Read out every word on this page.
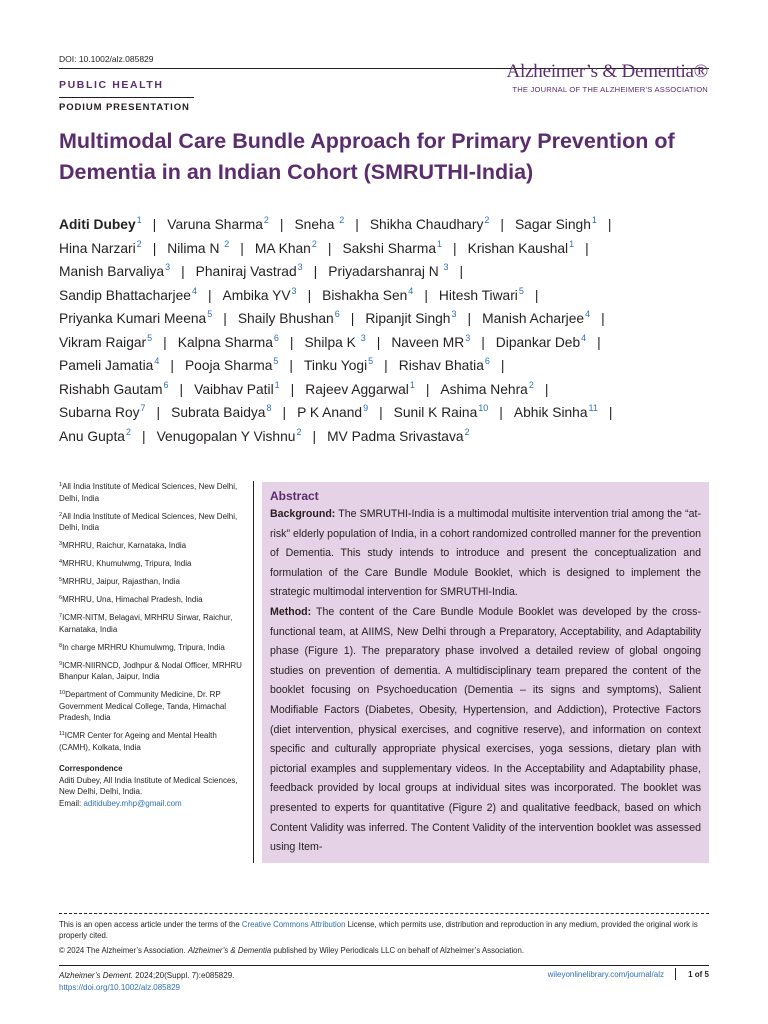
DOI: 10.1002/alz.085829
PUBLIC HEALTH
PODIUM PRESENTATION
Alzheimer’s & Dementia®
THE JOURNAL OF THE ALZHEIMER’S ASSOCIATION
Multimodal Care Bundle Approach for Primary Prevention of Dementia in an Indian Cohort (SMRUTHI-India)
Aditi Dubey$^1$ | Varuna Sharma$^2$ | Sneha $^2$ | Shikha Chaudhary$^2$ | Sagar Singh$^1$ |
Hina Narzari$^2$ | Nilima N $^2$ | MA Khan$^2$ | Sakshi Sharma$^1$ | Krishan Kaushal$^1$ |
Manish Barvaliya$^3$ | Phaniraj Vastrad$^3$ | Priyadarshanraj N $^3$ |
Sandip Bhattacharjee$^4$ | Ambika $YV^3$ | Bishakha Sen$^4$ | Hitesh Tiwari$^5$ |
Priyanka Kumari Meena$^5$ | Shaily Bhushan$^6$ | Ripanjit Singh$^3$ | Manish Acharjee$^4$ |
Vikram Raigar$^5$ | Kalpna Sharma$^6$ | Shilpa K $^3$ | Naveen $MR^3$ | Dipankar Deb$^4$ |
Pameli Jamatia$^4$ | Pooja Sharma$^5$ | Tinku Yogi$^5$ | Rishav Bhatia$^6$ |
Rishabh Gautam$^6$ | Vaibhav Patil$^1$ | Rajeev Aggarwal$^1$ | Ashima Nehra$^2$ |
Subarna Roy$^7$ | Subrata Baidya$^8$ | P K Anand$^9$ | Sunil K Raina$^{10}$ | Abhik Sinha$^{11}$ |
Anu Gupta$^2$ | Venugopalan Y Vishnu$^2$ | MV Padma Srivastava$^2$
$^1$All India Institute of Medical Sciences, New Delhi, Delhi, India
$^2$All India Institute of Medical Sciences, New Delhi, Delhi, India
$^3$MRHRU, Raichur, Karnataka, India
$^4$MRHRU, Khumulwmg, Tripura, India
$^5$MRHRU, Jaipur, Rajasthan, India
$^6$MRHRU, Una, Himachal Pradesh, India
$^7$ICMR-NITM, Belagavi, MRHRU Sirwar, Raichur, Karnataka, India
$^8$In charge MRHRU Khumulwmg, Tripura, India
$^9$ICMR-NIIRNCD, Jodhpur & Nodal Officer, MRHRU Bhanpur Kalan, Jaipur, India
$^{10}$Department of Community Medicine, Dr. RP Government Medical College, Tanda, Himachal Pradesh, India
$^{11}$ICMR Center for Ageing and Mental Health (CAMH), Kolkata, India
Correspondence
Aditi Dubey, All India Institute of Medical Sciences, New Delhi, Delhi, India.
Email: aditidubey.mhp@gmail.com
Abstract

Background: The SMRUTHI-India is a multimodal multisite intervention trial among the “at-risk” elderly population of India, in a cohort randomized controlled manner for the prevention of Dementia. This study intends to introduce and present the conceptualization and formulation of the Care Bundle Module Booklet, which is designed to implement the strategic multimodal intervention for SMRUTHI-India.

Method: The content of the Care Bundle Module Booklet was developed by the cross-functional team, at AIIMS, New Delhi through a Preparatory, Acceptability, and Adaptability phase (Figure 1). The preparatory phase involved a detailed review of global ongoing studies on prevention of dementia. A multidisciplinary team prepared the content of the booklet focusing on Psychoeducation (Dementia – its signs and symptoms), Salient Modifiable Factors (Diabetes, Obesity, Hypertension, and Addiction), Protective Factors (diet intervention, physical exercises, and cognitive reserve), and information on context specific and culturally appropriate physical exercises, yoga sessions, dietary plan with pictorial examples and supplementary videos. In the Acceptability and Adaptability phase, feedback provided by local groups at individual sites was incorporated. The booklet was presented to experts for quantitative (Figure 2) and qualitative feedback, based on which Content Validity was inferred. The Content Validity of the intervention booklet was assessed using Item-

This is an open access article under the terms of the Creative Commons Attribution License, which permits use, distribution and reproduction in any medium, provided the original work is properly cited.
© 2024 The Alzheimer’s Association. Alzheimer’s & Dementia published by Wiley Periodicals LLC on behalf of Alzheimer’s Association.
Alzheimer’s Dement. 2024;20(Suppl. 7):e085829.
https://doi.org/10.1002/alz.085829
wileyonlinelibrary.com/journal/alz	1 of 5
